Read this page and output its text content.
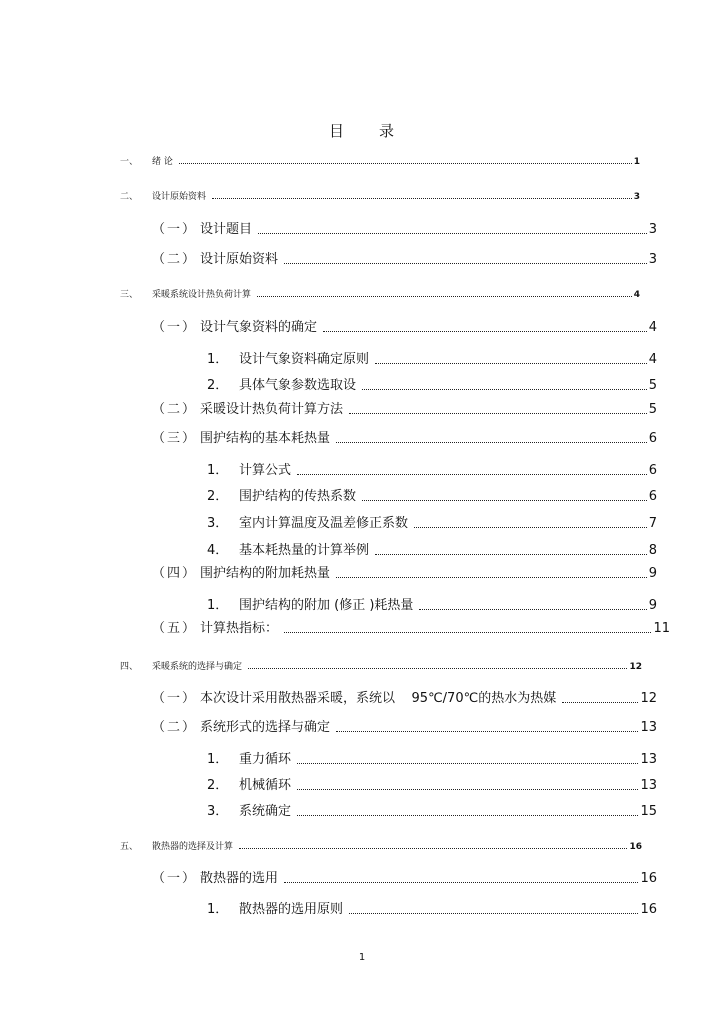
目 录
一、	绪 论	1
二、	设计原始资料	3
（一） 设计题目	3
（二） 设计原始资料	3
三、	采暖系统设计热负荷计算	4
（一） 设计气象资料的确定	4
1． 设计气象资料确定原则	4
2． 具体气象参数选取设	5
（二） 采暖设计热负荷计算方法	5
（三） 围护结构的基本耗热量	6
1． 计算公式	6
2． 围护结构的传热系数	6
3． 室内计算温度及温差修正系数	7
4． 基本耗热量的计算举例	8
（四） 围护结构的附加耗热量	9
1． 围护结构的附加 (修正 )耗热量	9
（五） 计算热指标：	11
四、	采暖系统的选择与确定	12
（一） 本次设计采用散热器采暖，系统以    95℃/70℃的热水为热媒	12
（二） 系统形式的选择与确定	13
1． 重力循环	13
2． 机械循环	13
3． 系统确定	15
五、	散热器的选择及计算	16
（一） 散热器的选用	16
1． 散热器的选用原则	16
1
